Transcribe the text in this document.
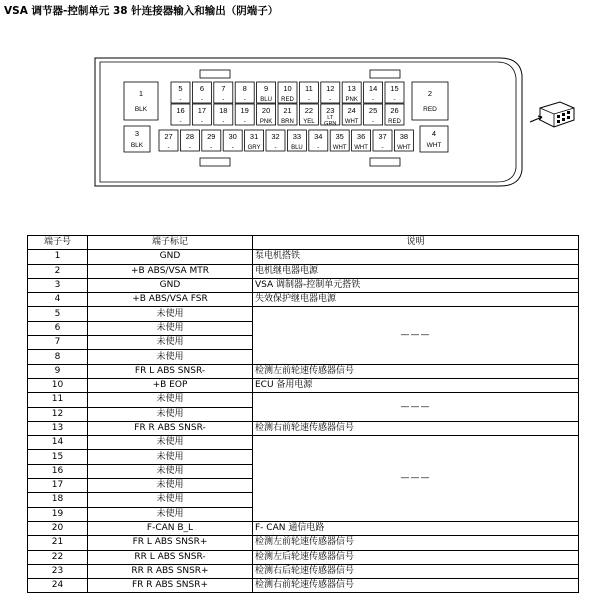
VSA 调节器-控制单元 38 针连接器输入和输出（阴端子）
5
-
6
-
7
-
8
-
9
BLU
10
RED
11
-
12
-
13
PNK
14
-
15
-
16
-
17
-
18
-
19
-
20
PNK
21
BRN
22
YEL
23
LT
GRN
24
WHT
25
-
26
RED
27
-
28
-
29
-
30
-
31
GRY
32
-
33
BLU
34
-
35
WHT
36
WHT
37
-
38
WHT
1
BLK
2
RED
3
BLK
4
WHT
端子号	端子标记	说明
1	GND	泵电机搭铁
2	+B ABS/VSA MTR	电机继电器电源
3	GND	VSA 调制器-控制单元搭铁
4	+B ABS/VSA FSR	失效保护继电器电源
5	未使用	———
6	未使用	
7	未使用	
8	未使用	
9	FR L ABS SNSR-	检测左前轮速传感器信号
10	+B EOP	ECU 备用电源
11	未使用	———
12	未使用	
13	FR R ABS SNSR-	检测右前轮速传感器信号
14	未使用	———
15	未使用	
16	未使用	
17	未使用	
18	未使用	
19	未使用	
20	F-CAN B_L	F- CAN 通信电路
21	FR L ABS SNSR+	检测左前轮速传感器信号
22	RR L ABS SNSR-	检测左后轮速传感器信号
23	RR R ABS SNSR+	检测右后轮速传感器信号
24	FR R ABS SNSR+	检测右前轮速传感器信号
